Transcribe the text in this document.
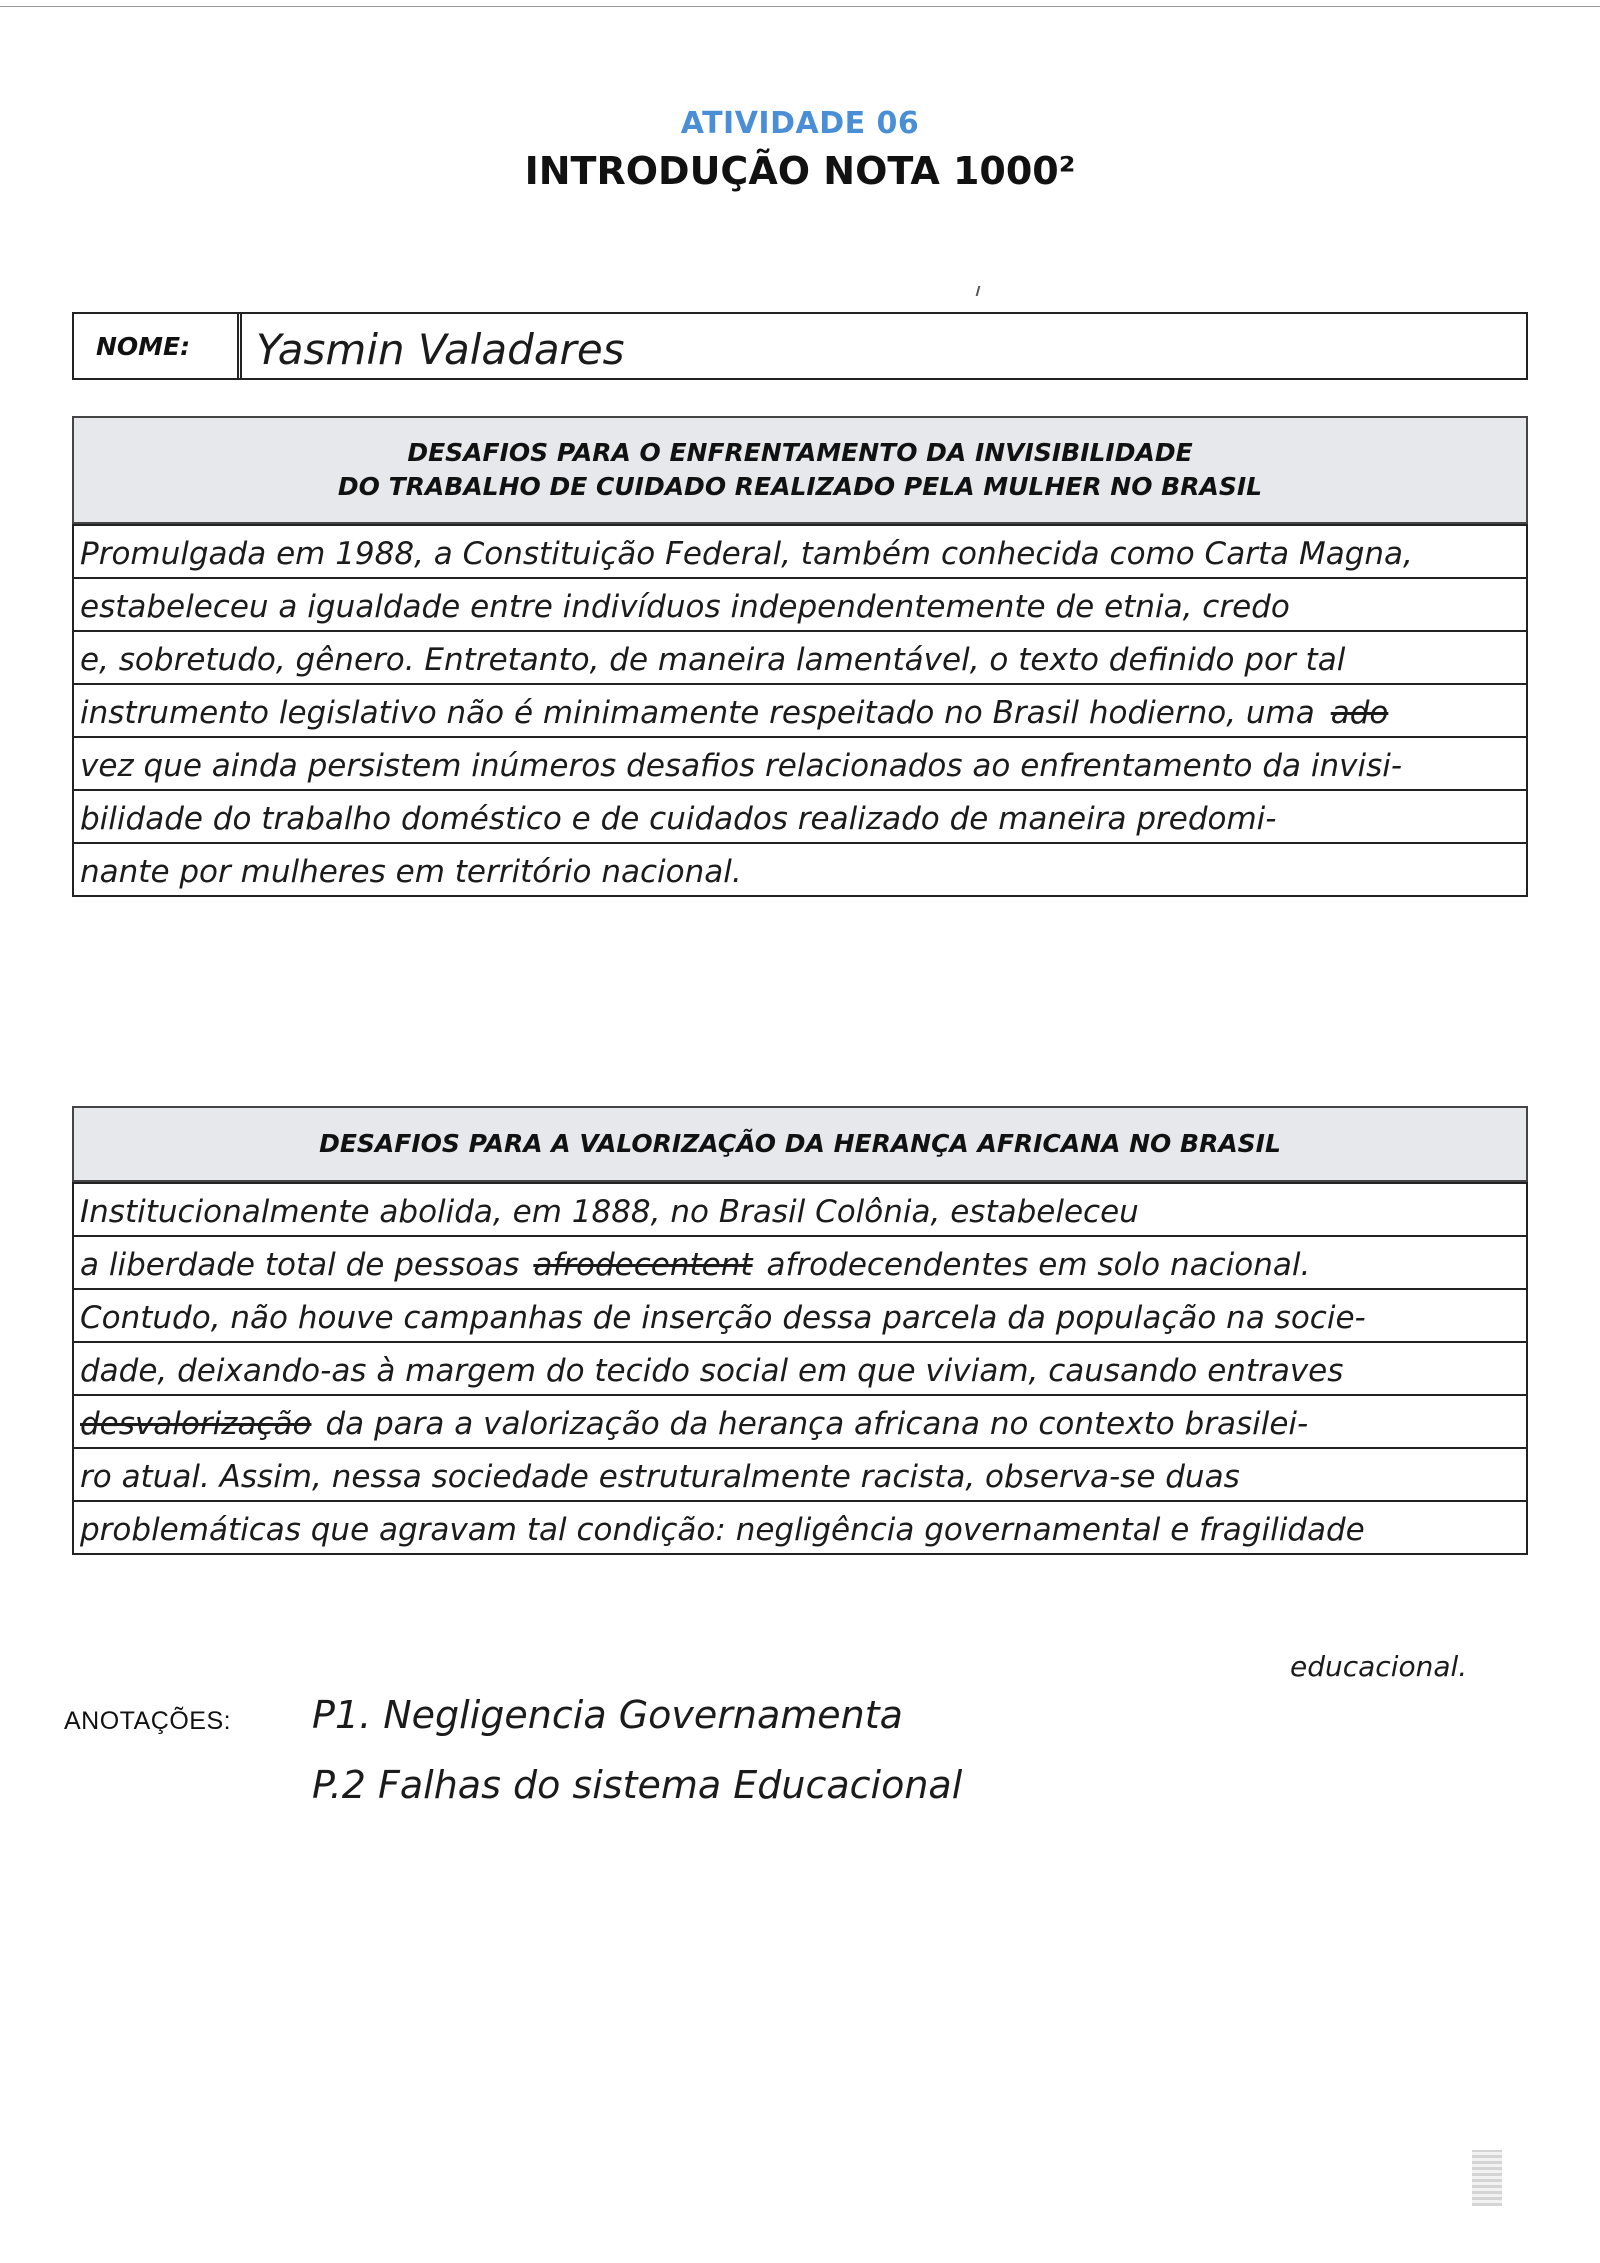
ATIVIDADE 06
INTRODUÇÃO NOTA 1000²
NOME:	Yasmin Valadares
DESAFIOS PARA O ENFRENTAMENTO DA INVISIBILIDADE
DO TRABALHO DE CUIDADO REALIZADO PELA MULHER NO BRASIL
Promulgada em 1988, a Constituição Federal, também conhecida como Carta Magna,
estabeleceu a igualdade entre indivíduos independentemente de etnia, credo
e, sobretudo, gênero. Entretanto, de maneira lamentável, o texto definido por tal
instrumento legislativo não é minimamente respeitado no Brasil hodierno, uma ado
vez que ainda persistem inúmeros desafios relacionados ao enfrentamento da invisi-
bilidade do trabalho doméstico e de cuidados realizado de maneira predomi-
nante por mulheres em território nacional.
DESAFIOS PARA A VALORIZAÇÃO DA HERANÇA AFRICANA NO BRASIL
Institucionalmente abolida, em 1888, no Brasil Colônia, estabeleceu
a liberdade total de pessoas afrodecentent afrodecendentes em solo nacional.
Contudo, não houve campanhas de inserção dessa parcela da população na socie-
dade, deixando-as à margem do tecido social em que viviam, causando entraves
desvalorização da para a valorização da herança africana no contexto brasilei-
ro atual. Assim, nessa sociedade estruturalmente racista, observa-se duas
problemáticas que agravam tal condição: negligência governamental e fragilidade
educacional.
ANOTAÇÕES: P1. Negligencia Governamenta
P.2 Falhas do sistema Educacional
